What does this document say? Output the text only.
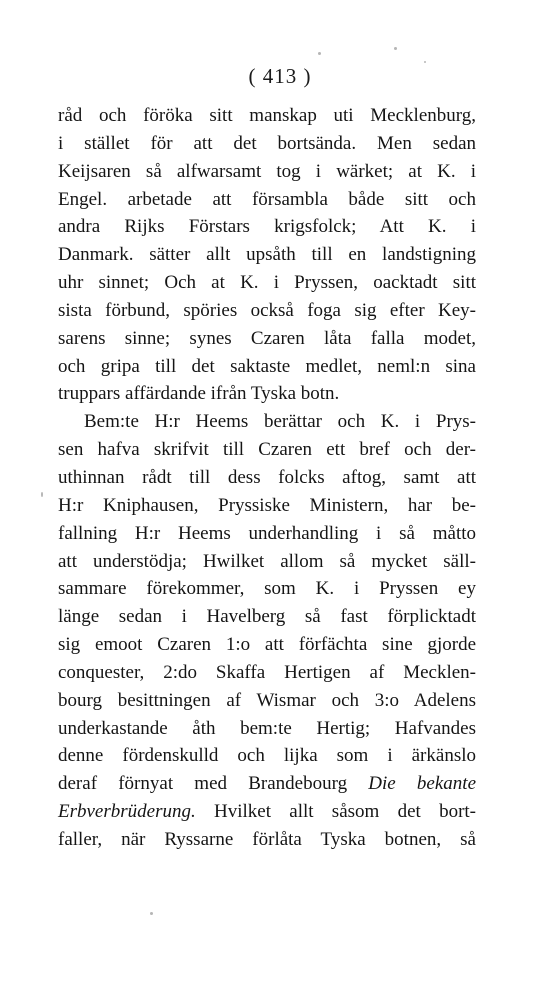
( 413 )
råd och föröka sitt manskap uti Mecklenburg,
i stället för att det bortsända. Men sedan
Keijsaren så alfwarsamt tog i wärket; at K. i
Engel. arbetade att försambla både sitt och
andra Rijks Förstars krigsfolck; Att K. i
Danmark. sätter allt upsåth till en landstigning
uhr sinnet; Och at K. i Pryssen, oacktadt sitt
sista förbund, spöries också foga sig efter Key-
sarens sinne; synes Czaren låta falla modet,
och gripa till det saktaste medlet, neml:n sina
truppars affärdande ifrån Tyska botn.
Bem:te H:r Heems berättar och K. i Prys-
sen hafva skrifvit till Czaren ett bref och der-
uthinnan rådt till dess folcks aftog, samt att
H:r Kniphausen, Pryssiske Ministern, har be-
fallning H:r Heems underhandling i så måtto
att understödja; Hwilket allom så mycket säll-
sammare förekommer, som K. i Pryssen ey
länge sedan i Havelberg så fast förplicktadt
sig emoot Czaren 1:o att förfächta sine gjorde
conquester, 2:do Skaffa Hertigen af Mecklen-
bourg besittningen af Wismar och 3:o Adelens
underkastande åth bem:te Hertig; Hafvandes
denne fördenskulld och lijka som i ärkänslo
deraf förnyat med Brandebourg Die bekante
Erbverbrüderung. Hvilket allt såsom det bort-
faller, när Ryssarne förlåta Tyska botnen, så
